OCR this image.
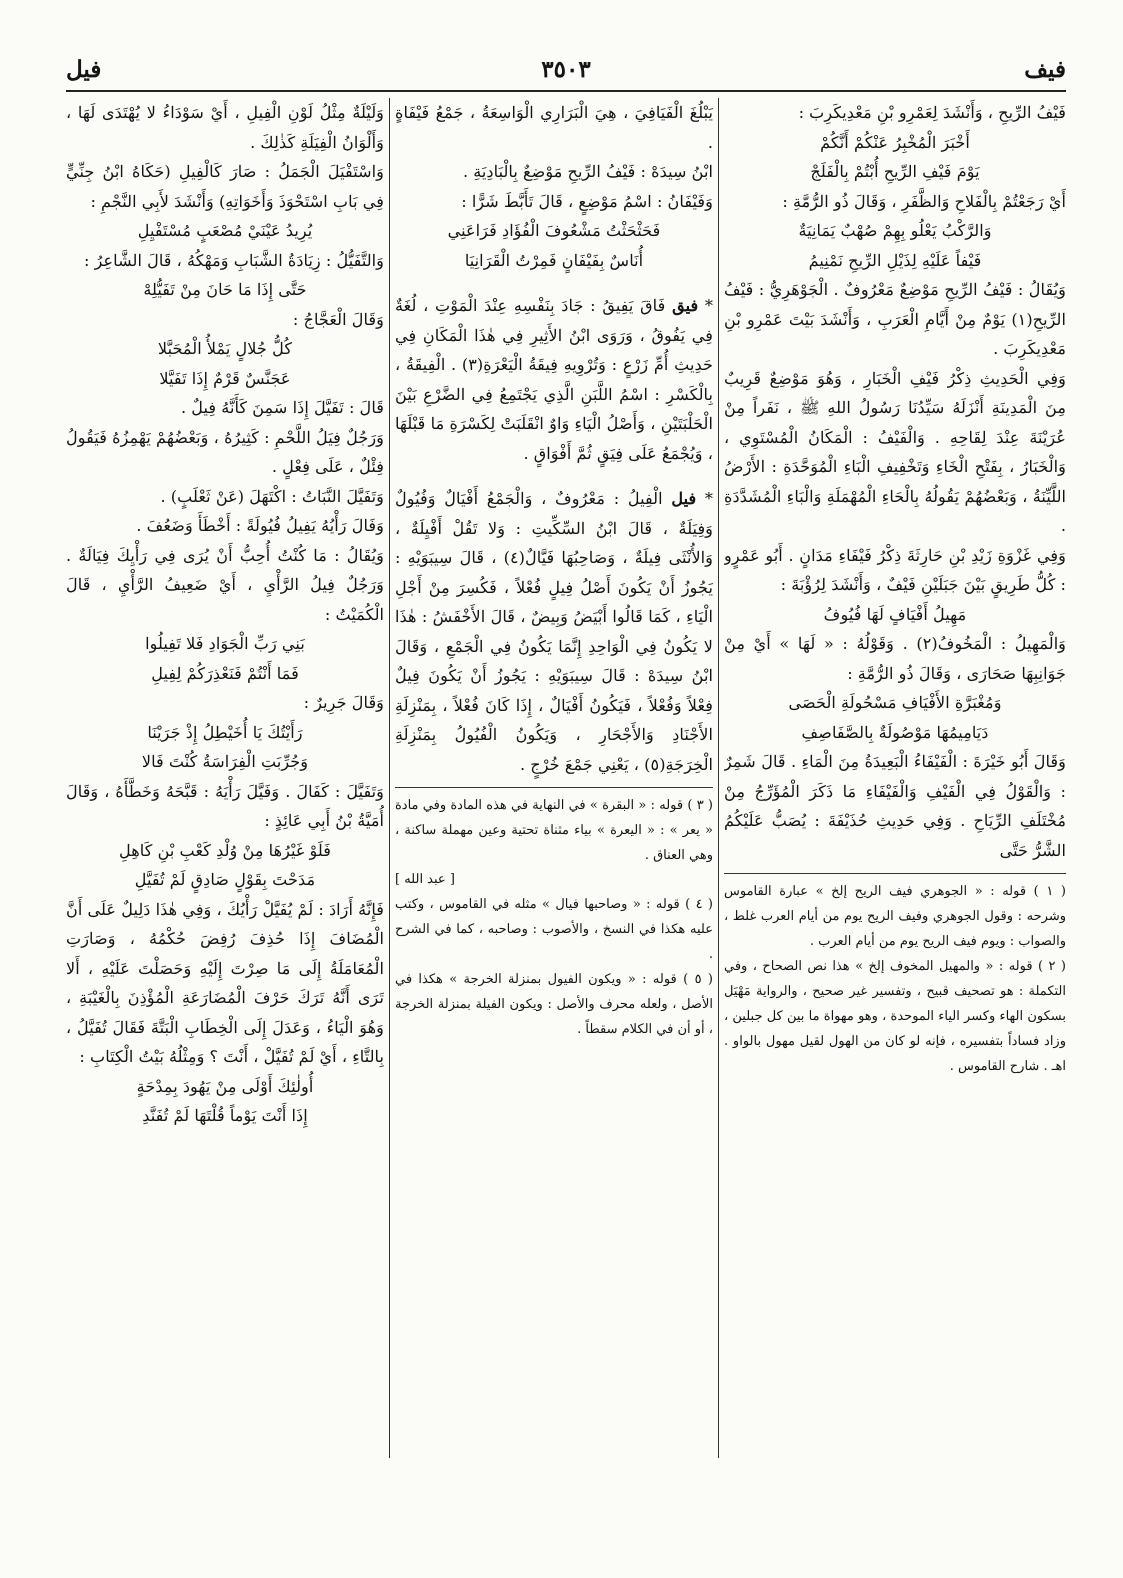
فيف
٣٥٠٣
فيل

فَيْفُ الرِّيحِ ، وَأَنْشَدَ لِعَمْرِو بْنِ مَعْدِيكَرِبَ :

أَخْبَرَ الْمُخْبِرُ عَنْكُمْ أَنَّكُمْ

يَوْمَ فَيْفِ الرِّيحِ أُبْتُمْ بِالْفَلَجْ

أَيْ رَجَعْتُمْ بِالْفَلاحِ وَالظَّفَرِ ، وَقَالَ ذُو الرُّمَّةِ :

وَالرَّكْبُ يَعْلُو بِهِمْ صُهْبٌ يَمَانِيَةٌ

فَيْفاً عَلَيْهِ لِذَيْلِ الرِّيحِ نَمْنِيمُ

وَيُقَالُ : فَيْفُ الرِّيحِ مَوْضِعٌ مَعْرُوفٌ . الْجَوْهَرِيُّ : فَيْفُ الرِّيحِ(١) يَوْمٌ مِنْ أَيَّامِ الْعَرَبِ ، وَأَنْشَدَ بَيْتَ عَمْرِو بْنِ مَعْدِيكَرِبَ .

وَفِي الْحَدِيثِ ذِكْرُ فَيْفِ الْخَبَارِ ، وَهُوَ مَوْضِعٌ قَرِيبٌ مِنَ الْمَدِينَةِ أَنْزَلَهُ سَيِّدُنَا رَسُولُ اللهِ ﷺ ، نَفَراً مِنْ عُرَيْنَةَ عِنْدَ لِقَاحِهِ . وَالْفَيْفُ : الْمَكَانُ الْمُسْتَوِي ، وَالْخَبَارُ ، بِفَتْحِ الْخَاءِ وَتَخْفِيفِ الْبَاءِ الْمُوَحَّدَةِ : الأَرْضُ اللَّيِّنَةُ ، وَبَعْضُهُمْ يَقُولُهُ بِالْحَاءِ الْمُهْمَلَةِ وَالْبَاءِ الْمُشَدَّدَةِ .

وَفِي غَزْوَةِ زَيْدِ بْنِ حَارِثَةَ ذِكْرُ فَيْفَاءِ مَدَانٍ . أَبُو عَمْرٍو : كُلُّ طَرِيقٍ بَيْنَ جَبَلَيْنِ فَيْفٌ ، وَأَنْشَدَ لِرُؤْبَةَ :

مَهِيلُ أَفْيَافٍ لَهَا فُيُوفُ

وَالْمَهِيلُ : الْمَخُوفُ(٢) . وَقَوْلُهُ : « لَهَا » أَيْ مِنْ جَوَانِبِهَا صَحَارَى ، وَقَالَ ذُو الرُّمَّةِ :

وَمُغْبَرَّةِ الأَفْيَافِ مَسْحُولَةِ الْحَصَى

دَيَامِيمُهَا مَوْصُولَةٌ بِالصَّفَاصِفِ

وَقَالَ أَبُو خَيْرَةَ : الْفَيْفَاءُ الْبَعِيدَةُ مِنَ الْمَاءِ . قَالَ شَمِرٌ : وَالْقَوْلُ فِي الْفَيْفِ وَالْفَيْفَاءِ مَا ذَكَرَ الْمُؤَرِّجُ مِنْ مُخْتَلَفِ الرِّيَاحِ . وَفِي حَدِيثِ حُذَيْفَةَ : يُصَبُّ عَلَيْكُمُ الشَّرُّ حَتَّى

( ١ ) قوله : « الجوهري فيف الريح إلخ » عبارة القاموس وشرحه : وقول الجوهري وفيف الريح يوم من أيام العرب غلط ، والصواب : ويوم فيف الريح يوم من أيام العرب .

( ٢ ) قوله : « والمهيل المخوف إلخ » هذا نص الصحاح ، وفي التكملة : هو تصحيف قبيح ، وتفسير غير صحيح ، والرواية مَهْيَل بسكون الهاء وكسر الياء الموحدة ، وهو مهواة ما بين كل جبلين ، وزاد فساداً بتفسيره ، فإنه لو كان من الهول لقيل مهول بالواو . اهـ . شارح القاموس .

يَبْلُغَ الْفَيَافِيَ ، هِيَ الْبَرَارِي الْوَاسِعَةُ ، جَمْعُ فَيْفَاةٍ .

ابْنُ سِيدَهْ : فَيْفُ الرِّيحِ مَوْضِعٌ بِالْبَادِيَةِ .

وَفَيْفَانُ : اسْمُ مَوْضِعٍ ، قَالَ تَأَبَّطَ شَرًّا :

فَحَثْحَثْتُ مَشْعُوفَ الْفُؤَادِ فَرَاعَنِي

أُنَاسٌ بِفَيْفَانٍ فَمِرْتُ الْقَرَانِيَا

* فيق فَاقَ يَفِيقُ : جَادَ بِنَفْسِهِ عِنْدَ الْمَوْتِ ، لُغَةٌ فِي يَفُوقُ ، وَرَوَى ابْنُ الأَثِيرِ فِي هٰذَا الْمَكَانِ فِي حَدِيثِ أُمِّ زَرْعٍ : وَتُرْوِيهِ فِيقَةُ الْيَعْرَةِ(٣) . الْفِيقَةُ ، بِالْكَسْرِ : اسْمُ اللَّبَنِ الَّذِي يَجْتَمِعُ فِي الضَّرْعِ بَيْنَ الْحَلْبَتَيْنِ ، وَأَصْلُ الْيَاءِ وَاوٌ انْقَلَبَتْ لِكَسْرَةِ مَا قَبْلَهَا ، وَيُجْمَعُ عَلَى فِيَقٍ ثُمَّ أَفْوَاقٍ .

* فيل الْفِيلُ : مَعْرُوفٌ ، وَالْجَمْعُ أَفْيَالٌ وَفُيُولٌ وَفِيَلَةٌ ، قَالَ ابْنُ السِّكِّيتِ : وَلا تَقُلْ أَفْيِلَةٌ ، وَالأُنْثَى فِيلَةٌ ، وَصَاحِبُهَا فَيَّالٌ(٤) ، قَالَ سِيبَوَيْهِ : يَجُوزُ أَنْ يَكُونَ أَصْلُ فِيلٍ فُعْلاً ، فَكُسِرَ مِنْ أَجْلِ الْيَاءِ ، كَمَا قَالُوا أَبْيَضُ وَبِيضٌ ، قَالَ الأَخْفَشُ : هٰذَا لا يَكُونُ فِي الْوَاحِدِ إِنَّمَا يَكُونُ فِي الْجَمْعِ ، وَقَالَ ابْنُ سِيدَهْ : قَالَ سِيبَوَيْهِ : يَجُوزُ أَنْ يَكُونَ فِيلٌ فِعْلاً وَفُعْلاً ، فَيَكُونُ أَفْيَالٌ ، إِذَا كَانَ فُعْلاً ، بِمَنْزِلَةِ الأَجْنَادِ وَالأَجْحَارِ ، وَيَكُونُ الْفُيُولُ بِمَنْزِلَةِ الْخِرَجَةِ(٥) ، يَعْنِي جَمْعَ خُرْجٍ .

( ٣ ) قوله : « البقرة » في النهاية في هذه المادة وفي مادة « يعر » : « اليعرة » بياء مثناة تحتية وعين مهملة ساكنة ، وهي العناق .

[ عبد الله ]

( ٤ ) قوله : « وصاحبها فيال » مثله في القاموس ، وكتب عليه هكذا في النسخ ، والأصوب : وصاحبه ، كما في الشرح .

( ٥ ) قوله : « ويكون الفيول بمنزلة الخرجة » هكذا في الأصل ، ولعله محرف والأصل : ويكون الفيلة بمنزلة الخرجة ، أو أن في الكلام سقطاً .

وَلَيْلَةٌ مِثْلُ لَوْنِ الْفِيلِ ، أَيْ سَوْدَاءُ لا يُهْتَدَى لَهَا ، وَأَلْوَانُ الْفِيَلَةِ كَذٰلِكَ .

وَاسْتَفْيَلَ الْجَمَلُ : صَارَ كَالْفِيلِ (حَكَاهُ ابْنُ جِنِّيٍّ فِي بَابِ اسْتَحْوَذَ وَأَخَوَاتِهِ) وَأَنْشَدَ لأَبِي النَّجْمِ :

يُرِيدُ عَيْنَيْ مُصْعَبٍ مُسْتَفْيِلِ

وَالتَّفَيُّلُ : زِيَادَةُ الشَّبَابِ وَمَهْكُهُ ، قَالَ الشَّاعِرُ :

حَتَّى إِذَا مَا حَانَ مِنْ تَفَيُّلِهْ

وَقَالَ الْعَجَّاجُ :

كُلُّ جُلالٍ يَمْلأُ الْمُحَبَّلا

عَجَنَّسٌ قَرْمٌ إِذَا تَفَيَّلا

قَالَ : تَفَيَّلَ إِذَا سَمِنَ كَأَنَّهُ فِيلٌ .

وَرَجُلٌ فِيَلُ اللَّحْمِ : كَثِيرُهُ ، وَبَعْضُهُمْ يَهْمِزُهُ فَيَقُولُ فِئْلٌ ، عَلَى فِعْلٍ .

وَتَفَيَّلَ النَّبَاتُ : اكْتَهَلَ (عَنْ ثَعْلَبٍ) .

وَفَالَ رَأْيُهُ يَفِيلُ فُيُولَةً : أَخْطَأَ وَضَعُفَ .

وَيُقَالُ : مَا كُنْتُ أُحِبُّ أَنْ يُرَى فِي رَأْيِكَ فِيَالَةٌ . وَرَجُلٌ فِيلُ الرَّأْيِ ، أَيْ ضَعِيفُ الرَّأْيِ ، قَالَ الْكُمَيْتُ :

بَنِي رَبِّ الْجَوَادِ فَلا تَفِيلُوا

فَمَا أَنْتُمْ فَنَعْذِرَكُمْ لِفِيلِ

وَقَالَ جَرِيرٌ :

رَأَيْتُكَ يَا أُخَيْطِلُ إِذْ جَرَيْنَا

وَجُرِّبَتِ الْفِرَاسَةُ كُنْتَ فَالا

وَتَفَيَّلَ : كَفَالَ . وَفَيَّلَ رَأْيَهُ : قَبَّحَهُ وَخَطَّأَهُ ، وَقَالَ أُمَيَّةُ بْنُ أَبِي عَائِذٍ :

فَلَوْ غَيْرُهَا مِنْ وُلْدِ كَعْبِ بْنِ كَاهِلِ

مَدَحْتَ بِقَوْلٍ صَادِقٍ لَمْ تُفَيَّلِ

فَإِنَّهُ أَرَادَ : لَمْ يُفَيَّلْ رَأْيُكَ ، وَفِي هٰذَا دَلِيلٌ عَلَى أَنَّ الْمُضَافَ إِذَا حُذِفَ رُفِضَ حُكْمُهُ ، وَصَارَتِ الْمُعَامَلَةُ إِلَى مَا صِرْتَ إِلَيْهِ وَحَصَلْتَ عَلَيْهِ ، أَلا تَرَى أَنَّهُ تَرَكَ حَرْفَ الْمُضَارَعَةِ الْمُؤْذِنَ بِالْغَيْبَةِ ، وَهُوَ الْيَاءُ ، وَعَدَلَ إِلَى الْخِطَابِ الْبَتَّةَ فَقَالَ تُفَيَّلُ ، بِالتَّاءِ ، أَيْ لَمْ تُفَيَّلْ ، أَنْتَ ؟ وَمِثْلُهُ بَيْتُ الْكِتَابِ :

أُولٰئِكَ أَوْلَى مِنْ يَهُودَ بِمِدْحَةٍ

إِذَا أَنْتَ يَوْماً قُلْتَهَا لَمْ تُفَنَّدِ
